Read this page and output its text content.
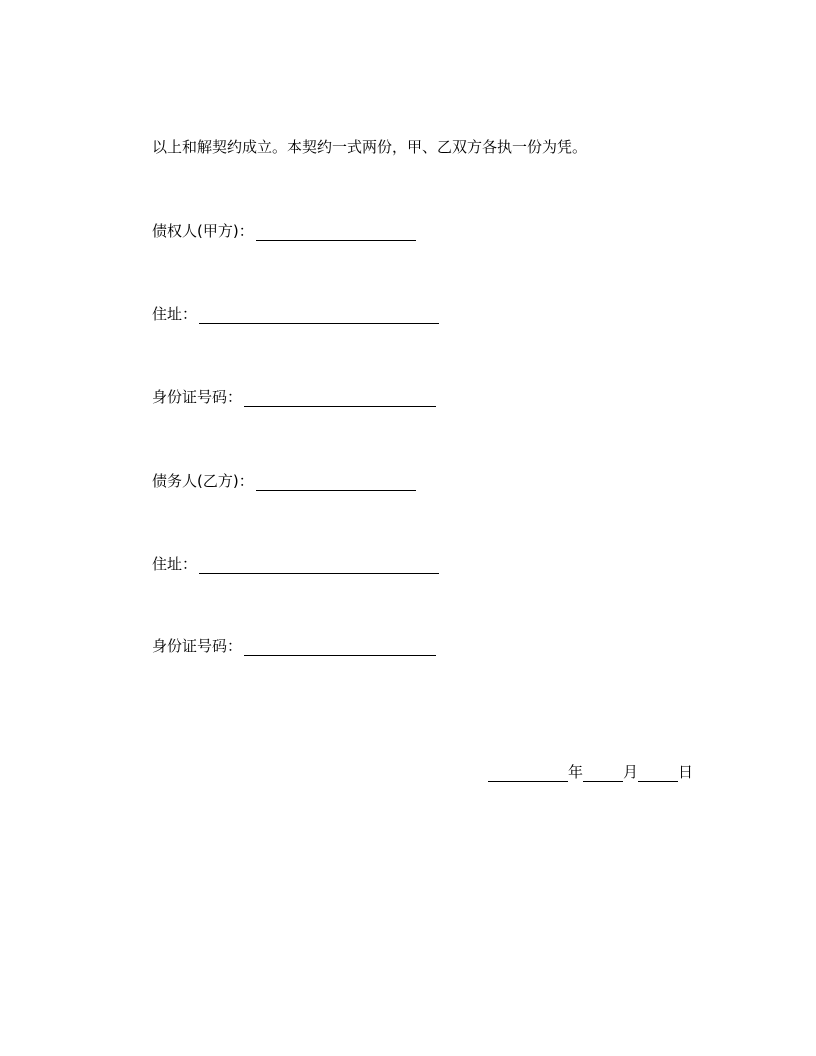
以上和解契约成立。本契约一式两份，甲、乙双方各执一份为凭。
债权人(甲方)：
住址：
身份证号码：
债务人(乙方)：
住址：
身份证号码：
年	月	日
